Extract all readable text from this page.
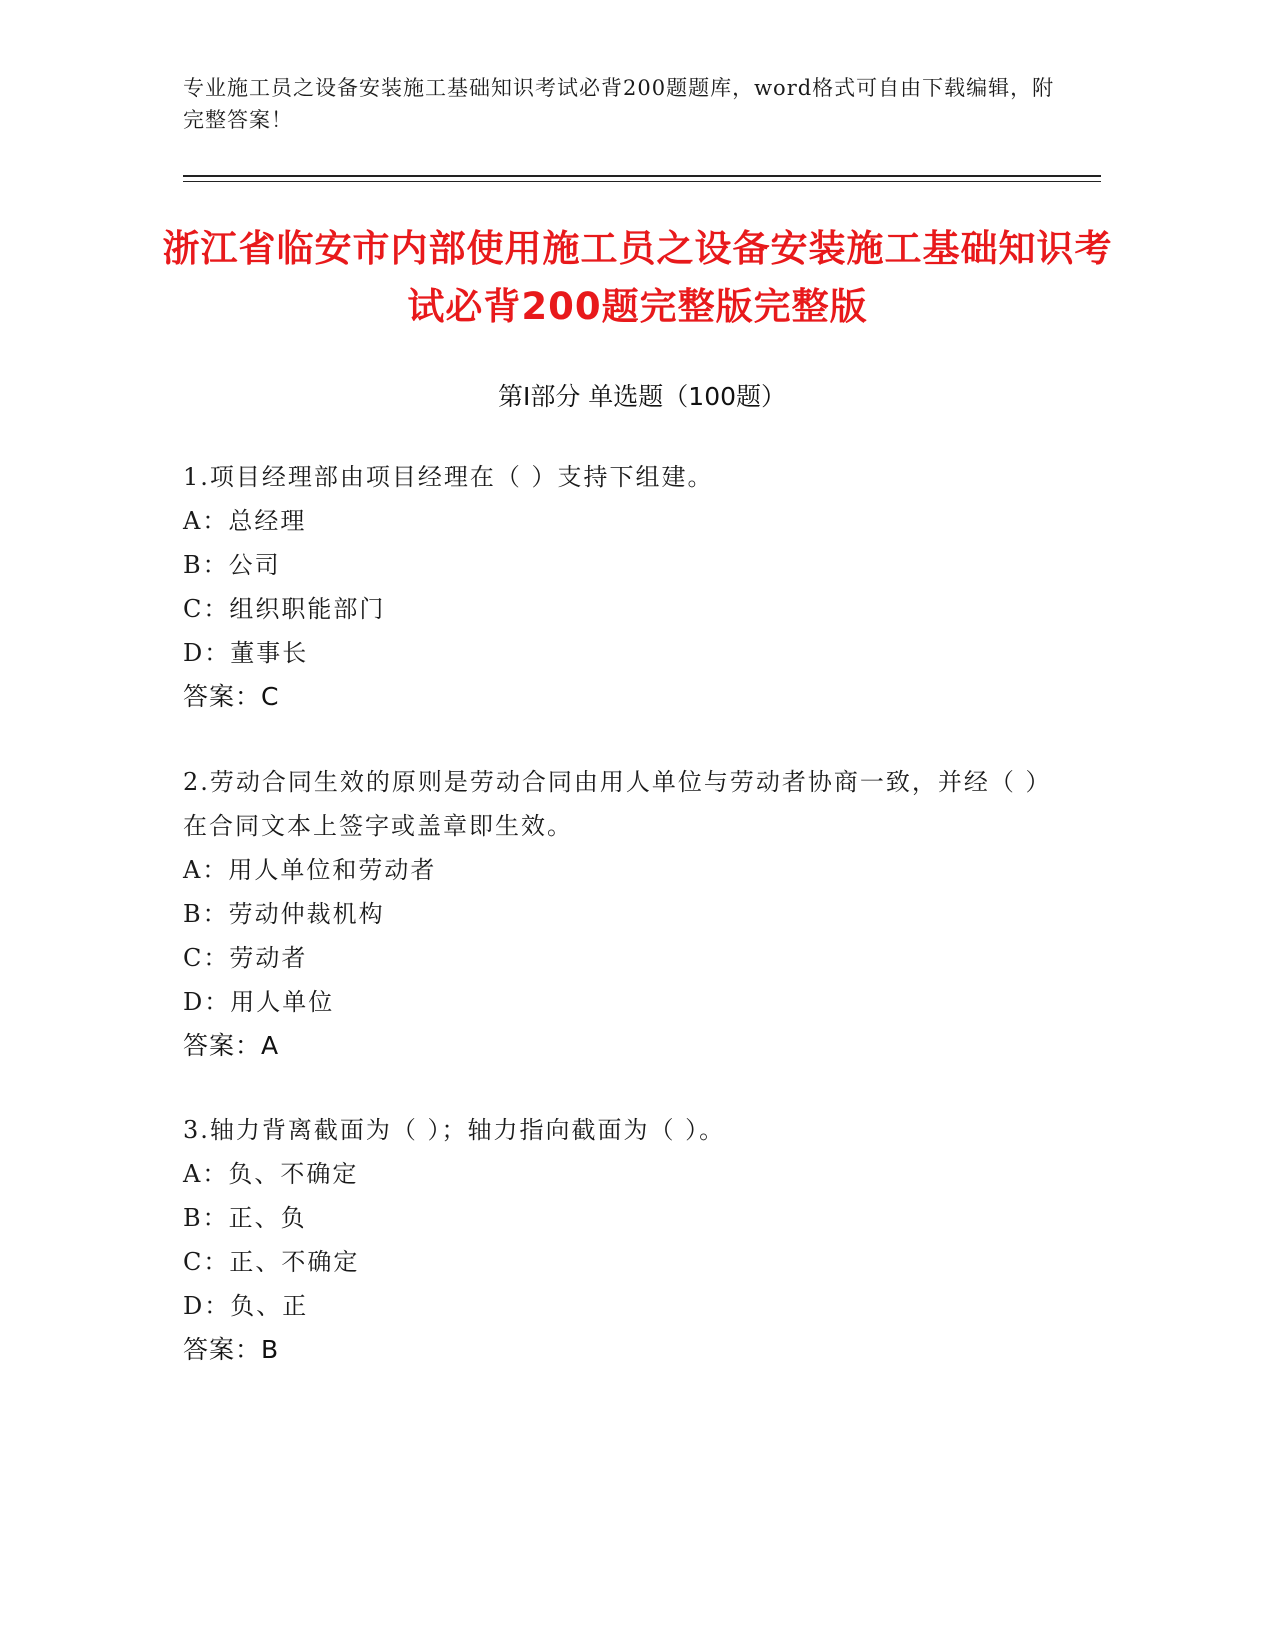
专业施工员之设备安装施工基础知识考试必背200题题库，word格式可自由下载编辑，附完整答案！
浙江省临安市内部使用施工员之设备安装施工基础知识考试必背200题完整版完整版
第Ⅰ部分 单选题（100题）

1.项目经理部由项目经理在（ ）支持下组建。

A：总经理

B：公司

C：组织职能部门

D：董事长

答案：C

2.劳动合同生效的原则是劳动合同由用人单位与劳动者协商一致，并经（ ）在合同文本上签字或盖章即生效。

A：用人单位和劳动者

B：劳动仲裁机构

C：劳动者

D：用人单位

答案：A

3.轴力背离截面为（ ）；轴力指向截面为（ ）。

A：负、不确定

B：正、负

C：正、不确定

D：负、正

答案：B
